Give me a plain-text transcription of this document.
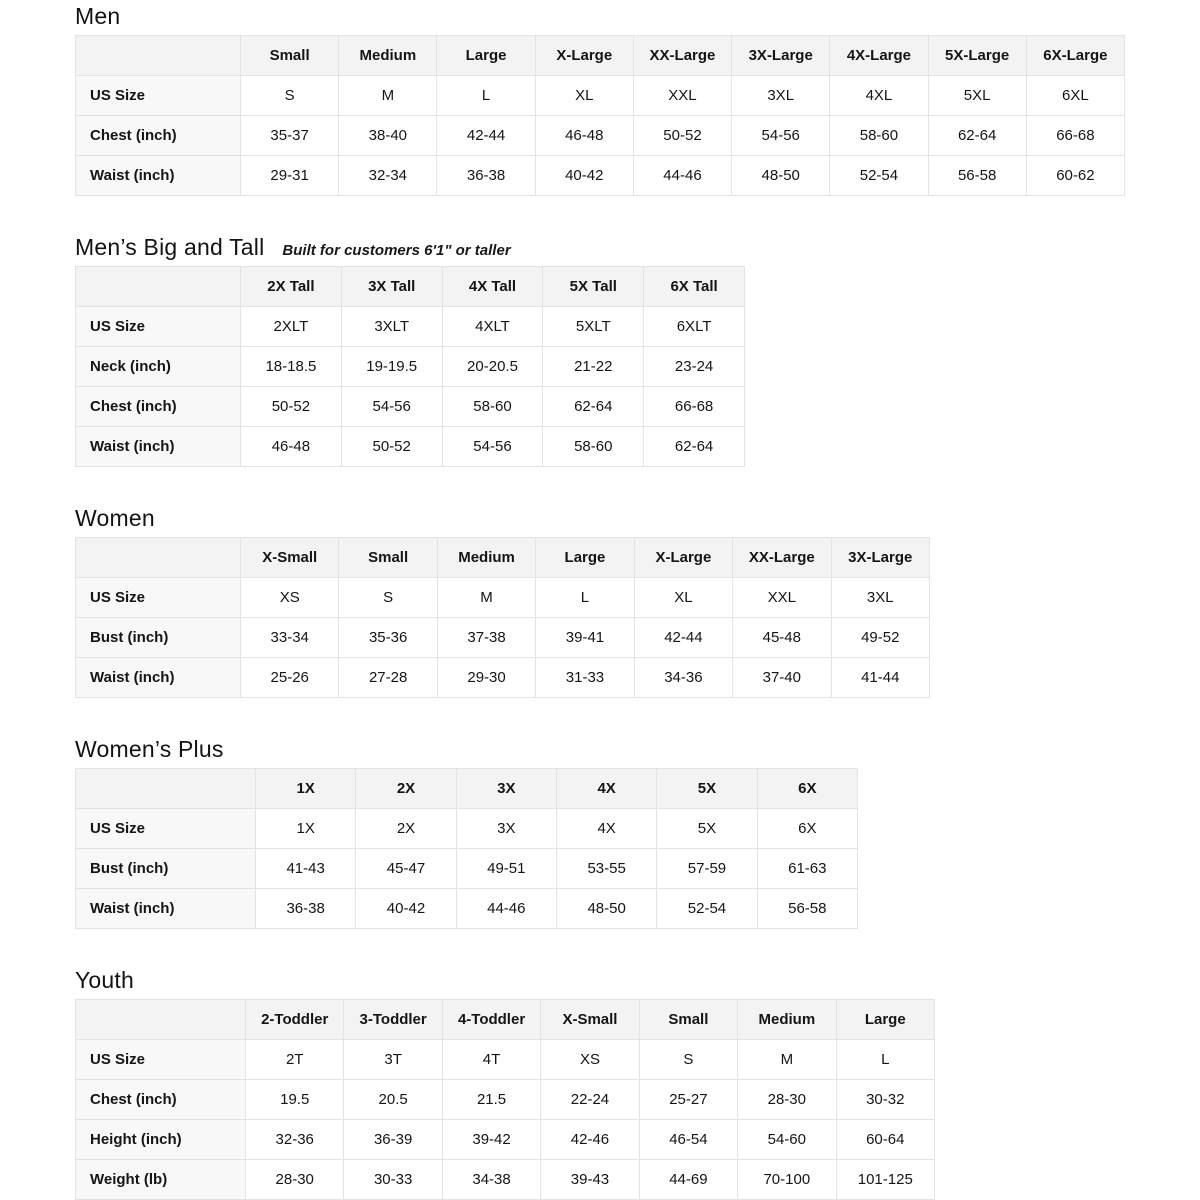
Men
	Small	Medium	Large	X-Large	XX-Large	3X-Large	4X-Large	5X-Large	6X-Large
US Size	S	M	L	XL	XXL	3XL	4XL	5XL	6XL
Chest (inch)	35-37	38-40	42-44	46-48	50-52	54-56	58-60	62-64	66-68
Waist (inch)	29-31	32-34	36-38	40-42	44-46	48-50	52-54	56-58	60-62
Men’s Big and Tall Built for customers 6'1" or taller
	2X Tall	3X Tall	4X Tall	5X Tall	6X Tall
US Size	2XLT	3XLT	4XLT	5XLT	6XLT
Neck (inch)	18-18.5	19-19.5	20-20.5	21-22	23-24
Chest (inch)	50-52	54-56	58-60	62-64	66-68
Waist (inch)	46-48	50-52	54-56	58-60	62-64
Women
	X-Small	Small	Medium	Large	X-Large	XX-Large	3X-Large
US Size	XS	S	M	L	XL	XXL	3XL
Bust (inch)	33-34	35-36	37-38	39-41	42-44	45-48	49-52
Waist (inch)	25-26	27-28	29-30	31-33	34-36	37-40	41-44
Women’s Plus
	1X	2X	3X	4X	5X	6X
US Size	1X	2X	3X	4X	5X	6X
Bust (inch)	41-43	45-47	49-51	53-55	57-59	61-63
Waist (inch)	36-38	40-42	44-46	48-50	52-54	56-58
Youth
	2-Toddler	3-Toddler	4-Toddler	X-Small	Small	Medium	Large
US Size	2T	3T	4T	XS	S	M	L
Chest (inch)	19.5	20.5	21.5	22-24	25-27	28-30	30-32
Height (inch)	32-36	36-39	39-42	42-46	46-54	54-60	60-64
Weight (lb)	28-30	30-33	34-38	39-43	44-69	70-100	101-125
